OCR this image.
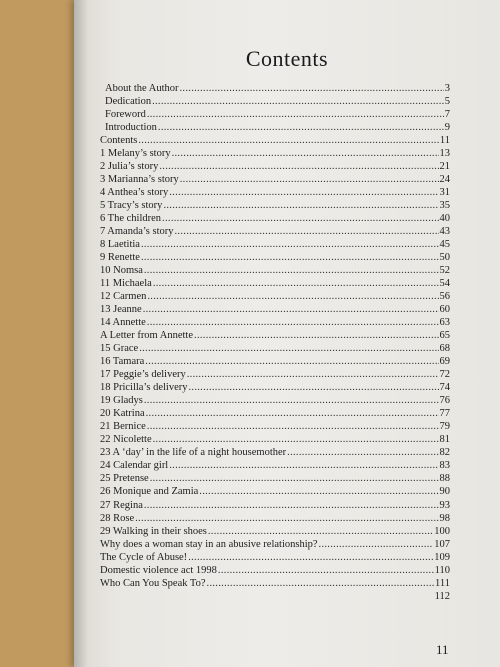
Contents
About the Author .....	3
Dedication .....	5
Foreword .....	7
Introduction .....	9
Contents .....	11
1 Melany’s story .....	13
2 Julia’s story .....	21
3 Marianna’s story .....	24
4 Anthea’s story .....	31
5 Tracy’s story .....	35
6 The children .....	40
7 Amanda’s story .....	43
8 Laetitia .....	45
9 Renette .....	50
10 Nomsa .....	52
11 Michaela .....	54
12 Carmen .....	56
13 Jeanne .....	60
14 Annette .....	63
A Letter from Annette .....	65
15 Grace .....	68
16 Tamara .....	69
17 Peggie’s delivery .....	72
18 Pricilla’s delivery .....	74
19 Gladys .....	76
20 Katrina .....	77
21 Bernice .....	79
22 Nicolette .....	81
23 A ‘day’ in the life of a night housemother .....	82
24 Calendar girl .....	83
25 Pretense .....	88
26 Monique and Zamia .....	90
27 Regina .....	93
28 Rose .....	98
29 Walking in their shoes .....	100
Why does a woman stay in an abusive relationship? .....	107
The Cycle of Abuse! .....	109
Domestic violence act 1998 .....	110
Who Can You Speak To? .....	111
112
11
